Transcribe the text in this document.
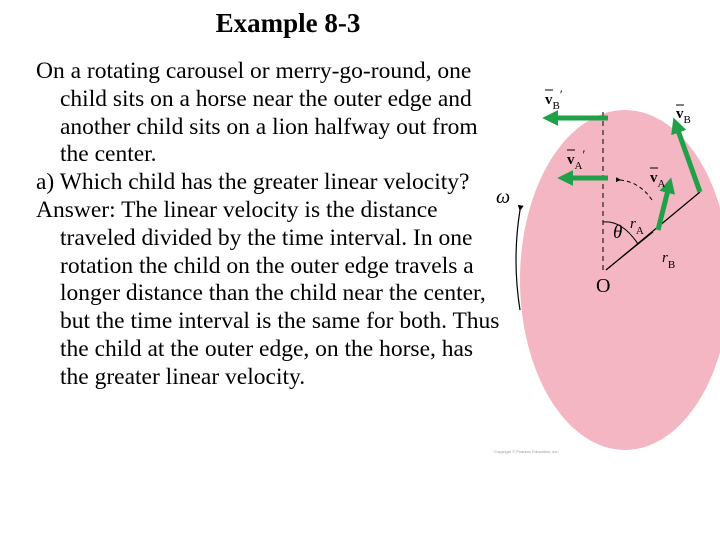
Example 8-3

On a rotating carousel or merry-go-round, one child sits on a horse near the outer edge and another child sits on a lion halfway out from the center.

a) Which child has the greater linear velocity?

Answer: The linear velocity is the distance traveled divided by the time interval. In one rotation the child on the outer edge travels a longer distance than the child near the center, but the time interval is the same for both. Thus the child at the outer edge, on the horse, has the greater linear velocity.

ω
θ
O
$r_A$
$r_B$
$v_A$
$v_B$
$v_A'$
$v_B'$
Copyright © Pearson Education, Inc.
